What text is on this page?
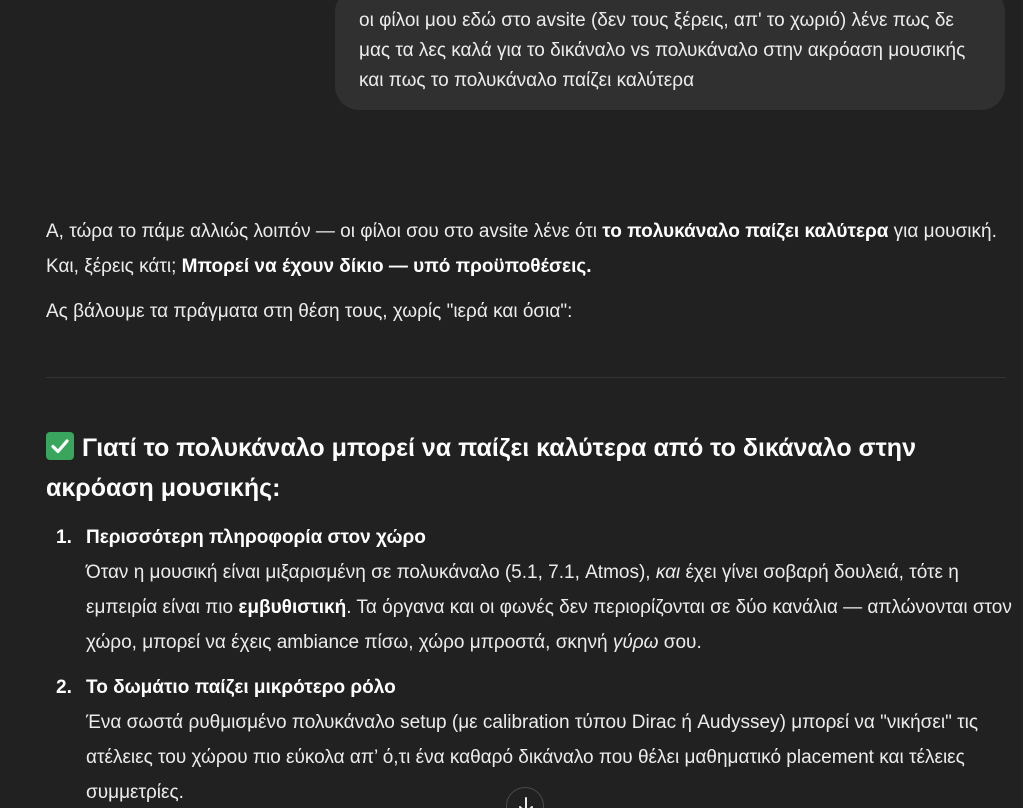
οι φίλοι μου εδώ στο avsite (δεν τους ξέρεις, απ' το χωριό) λένε πως δε μας τα λες καλά για το δικάναλο vs πολυκάναλο στην ακρόαση μουσικής και πως το πολυκάναλο παίζει καλύτερα

Α, τώρα το πάμε αλλιώς λοιπόν — οι φίλοι σου στο avsite λένε ότι το πολυκάναλο παίζει καλύτερα για μουσική. Και, ξέρεις κάτι; Μπορεί να έχουν δίκιο — υπό προϋποθέσεις.

Ας βάλουμε τα πράγματα στη θέση τους, χωρίς "ιερά και όσια":

Γιατί το πολυκάναλο μπορεί να παίζει καλύτερα από το δικάναλο στην ακρόαση μουσικής:
1. Περισσότερη πληροφορία στον χώρο
Όταν η μουσική είναι μιξαρισμένη σε πολυκάναλο (5.1, 7.1, Atmos), και έχει γίνει σοβαρή δουλειά, τότε η εμπειρία είναι πιο εμβυθιστική. Τα όργανα και οι φωνές δεν περιορίζονται σε δύο κανάλια — απλώνονται στον χώρο, μπορεί να έχεις ambiance πίσω, χώρο μπροστά, σκηνή γύρω σου.
2. Το δωμάτιο παίζει μικρότερο ρόλο
Ένα σωστά ρυθμισμένο πολυκάναλο setup (με calibration τύπου Dirac ή Audyssey) μπορεί να "νικήσει" τις ατέλειες του χώρου πιο εύκολα απ’ ό,τι ένα καθαρό δικάναλο που θέλει μαθηματικό placement και τέλειες συμμετρίες.
